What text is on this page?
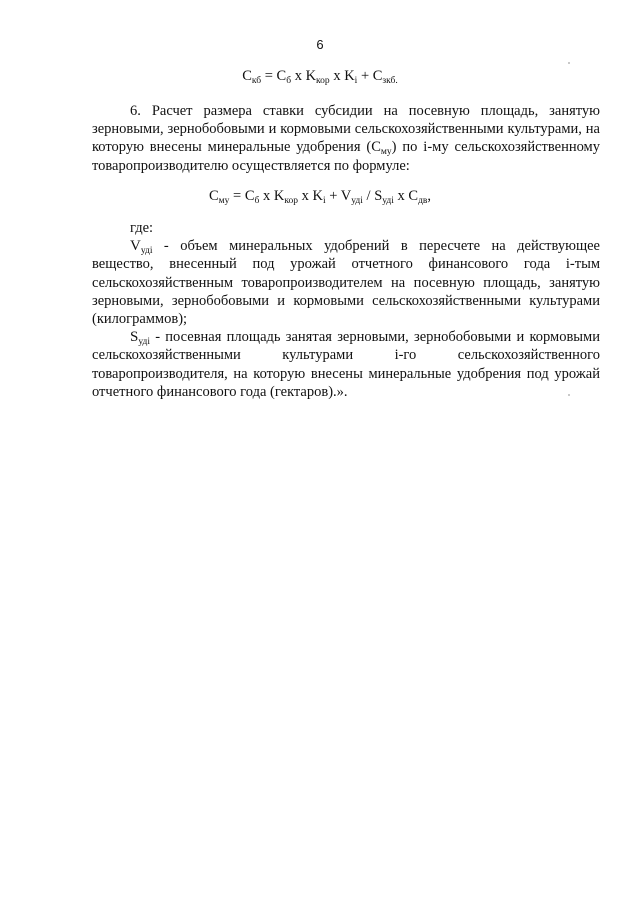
6
$C_{кб} = C_б$ х $K_{кор}$ х $K_i + C_{зкб.}$

6. Расчет размера ставки субсидии на посевную площадь, занятую зерновыми, зернобобовыми и кормовыми сельскохозяйственными культурами, на которую внесены минеральные удобрения $(C_{му})$ по i-му сельскохозяйственному товаропроизводителю осуществляется по формуле:

$C_{му} = C_б$ х $K_{кор}$ х $K_i + V_{удi} / S_{удi}$ х $C_{дв}$,

где:

$V_{удi}$ - объем минеральных удобрений в пересчете на действующее вещество, внесенный под урожай отчетного финансового года i-тым сельскохозяйственным товаропроизводителем на посевную площадь, занятую зерновыми, зернобобовыми и кормовыми сельскохозяйственными культурами (килограммов);

$S_{удi}$ - посевная площадь занятая зерновыми, зернобобовыми и кормовыми сельскохозяйственными культурами i-го сельскохозяйственного товаропроизводителя, на которую внесены минеральные удобрения под урожай отчетного финансового года (гектаров).».
